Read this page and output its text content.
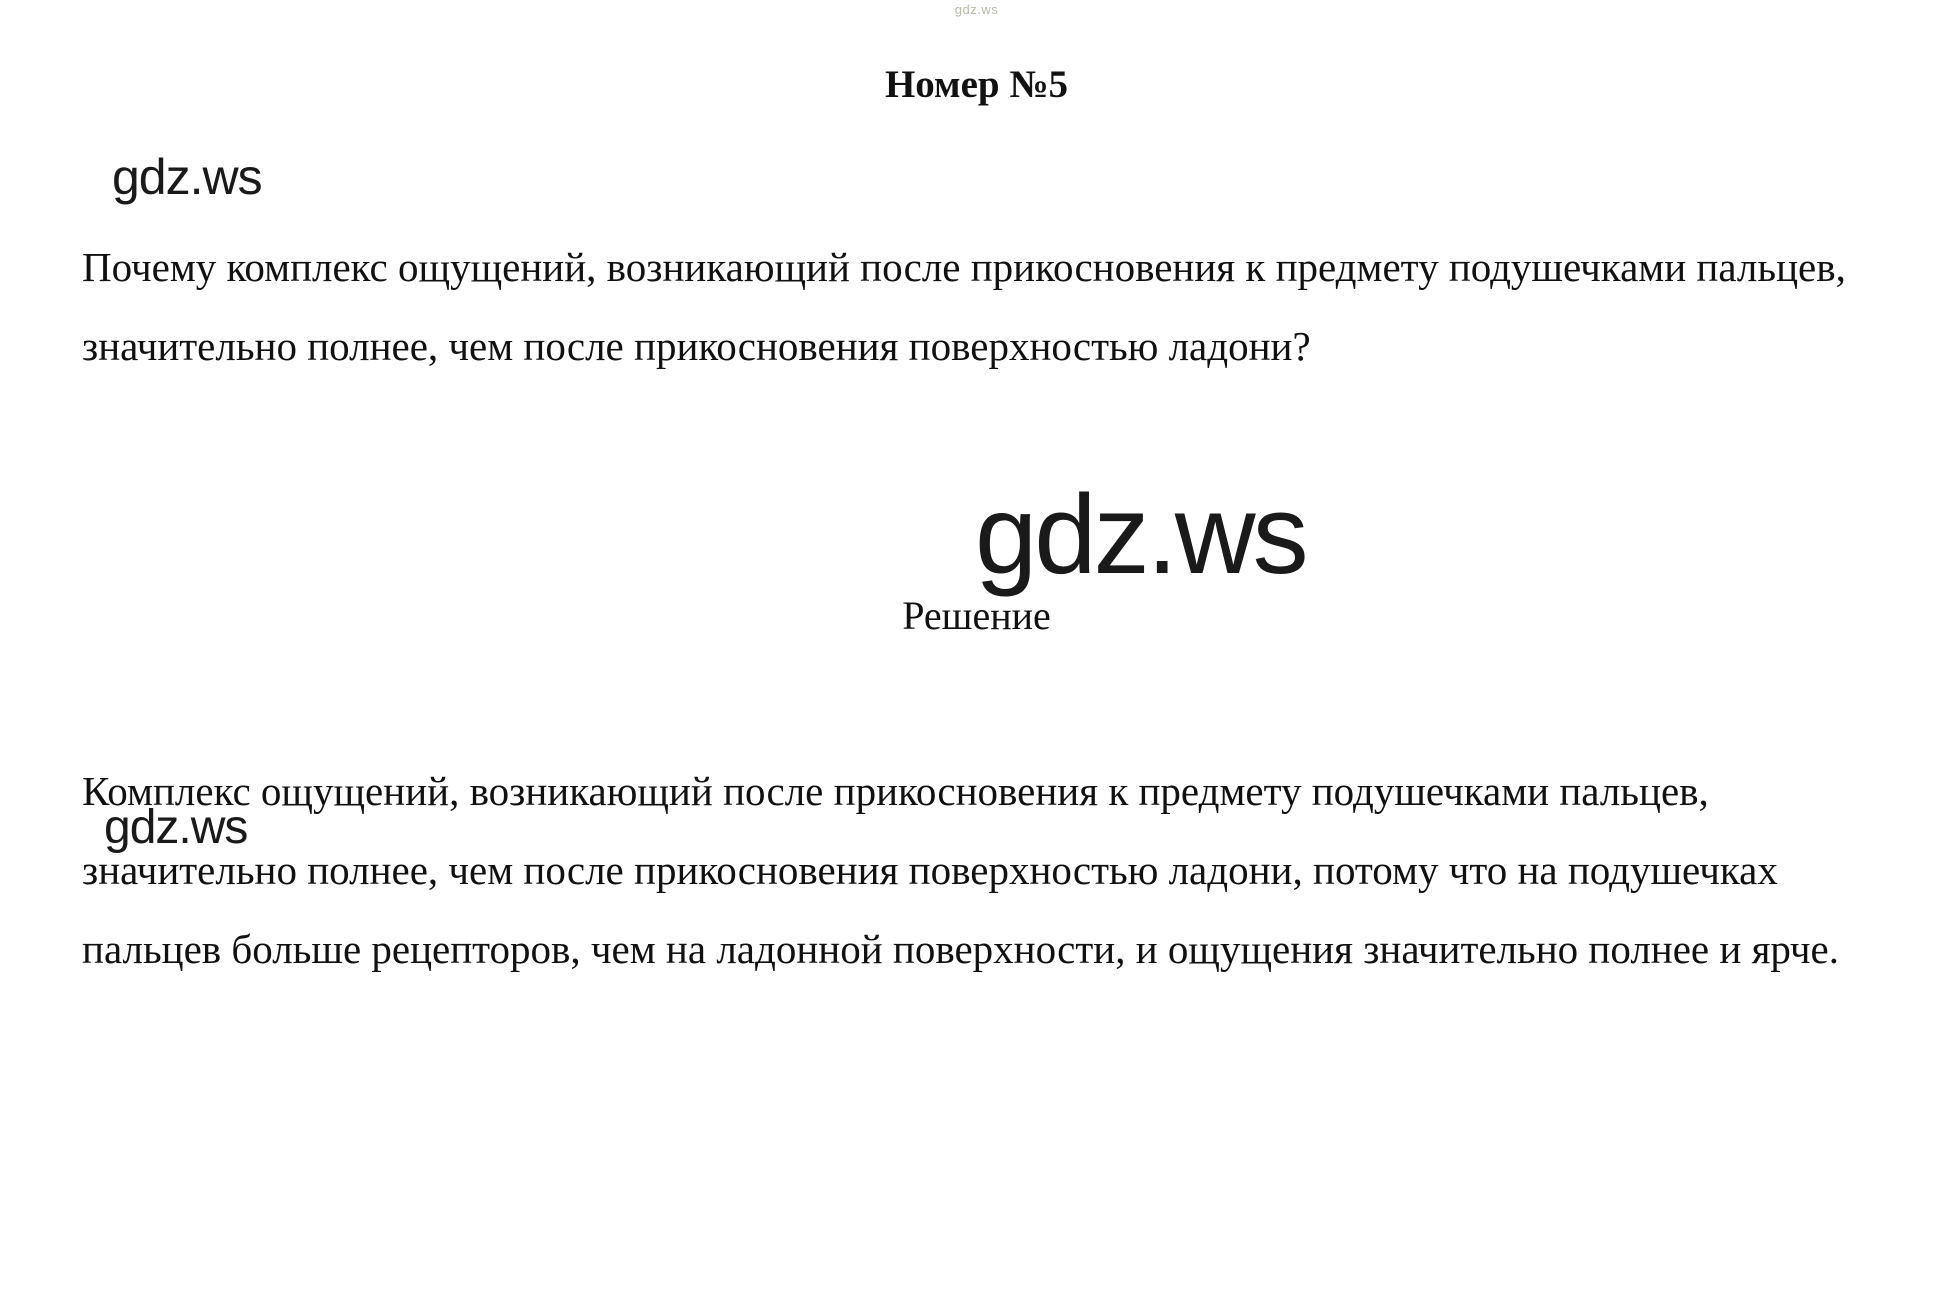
gdz.ws
Номер №5
gdz.ws

Почему комплекс ощущений, возникающий после прикосновения к предмету подушечками пальцев, значительно полнее, чем после прикосновения поверхностью ладони?

gdz.ws
Решение
gdz.ws

Комплекс ощущений, возникающий после прикосновения к предмету подушечками пальцев, значительно полнее, чем после прикосновения поверхностью ладони, потому что на подушечках пальцев больше рецепторов, чем на ладонной поверхности, и ощущения значительно полнее и ярче.
